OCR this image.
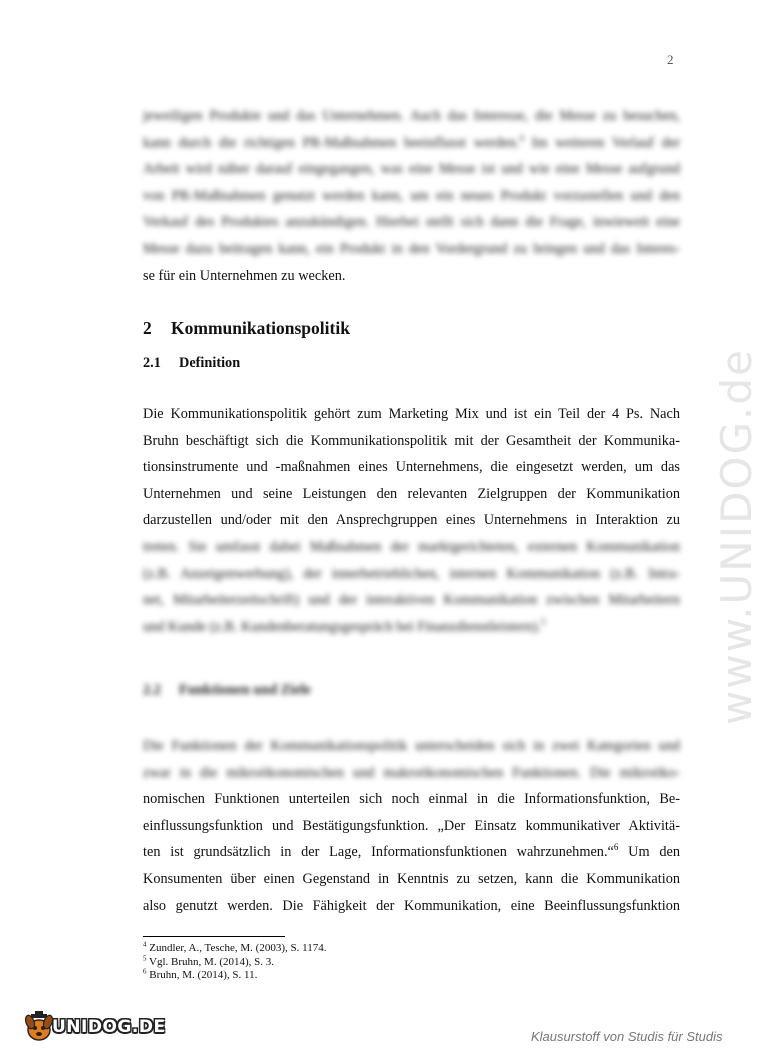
2
jeweiligen Produkte und das Unternehmen. Auch das Interesse, die Messe zu besuchen,
kann durch die richtigen PR-Maßnahmen beeinflusst werden.$^4$ Im weiteren Verlauf der
Arbeit wird näher darauf eingegangen, was eine Messe ist und wie eine Messe aufgrund
von PR-Maßnahmen genutzt werden kann, um ein neues Produkt vorzustellen und den
Verkauf des Produktes anzukündigen. Hierbei stellt sich dann die Frage, inwieweit eine
Messe dazu beitragen kann, ein Produkt in den Vordergrund zu bringen und das Interes-
se für ein Unternehmen zu wecken.
2 Kommunikationspolitik
2.1 Definition
Die Kommunikationspolitik gehört zum Marketing Mix und ist ein Teil der 4 Ps. Nach
Bruhn beschäftigt sich die Kommunikationspolitik mit der Gesamtheit der Kommunika-
tionsinstrumente und -maßnahmen eines Unternehmens, die eingesetzt werden, um das
Unternehmen und seine Leistungen den relevanten Zielgruppen der Kommunikation
darzustellen und/oder mit den Ansprechgruppen eines Unternehmens in Interaktion zu
treten. Sie umfasst dabei Maßnahmen der marktgerichteten, externen Kommunikation
(z.B. Anzeigenwerbung), der innerbetrieblichen, internen Kommunikation (z.B. Intra-
net, Mitarbeiterzeitschrift) und der interaktiven Kommunikation zwischen Mitarbeitern
und Kunde (z.B. Kundenberatungsgespräch bei Finanzdienstleistern).$^5$
2.2 Funktionen und Ziele
Die Funktionen der Kommunikationspolitik unterscheiden sich in zwei Kategorien und
zwar in die mikroökonomischen und makroökonomischen Funktionen. Die mikroöko-
nomischen Funktionen unterteilen sich noch einmal in die Informationsfunktion, Be-
einflussungsfunktion und Bestätigungsfunktion. „Der Einsatz kommunikativer Aktivitä-
ten ist grundsätzlich in der Lage, Informationsfunktionen wahrzunehmen.“$^6$ Um den
Konsumenten über einen Gegenstand in Kenntnis zu setzen, kann die Kommunikation
also genutzt werden. Die Fähigkeit der Kommunikation, eine Beeinflussungsfunktion
$^4$ Zundler, A., Tesche, M. (2003), S. 1174.
$^5$ Vgl. Bruhn, M. (2014), S. 3.
$^6$ Bruhn, M. (2014), S. 11.
www.UNIDOG.de
UNIDOG.DE	Klausurstoff von Studis für Studis
